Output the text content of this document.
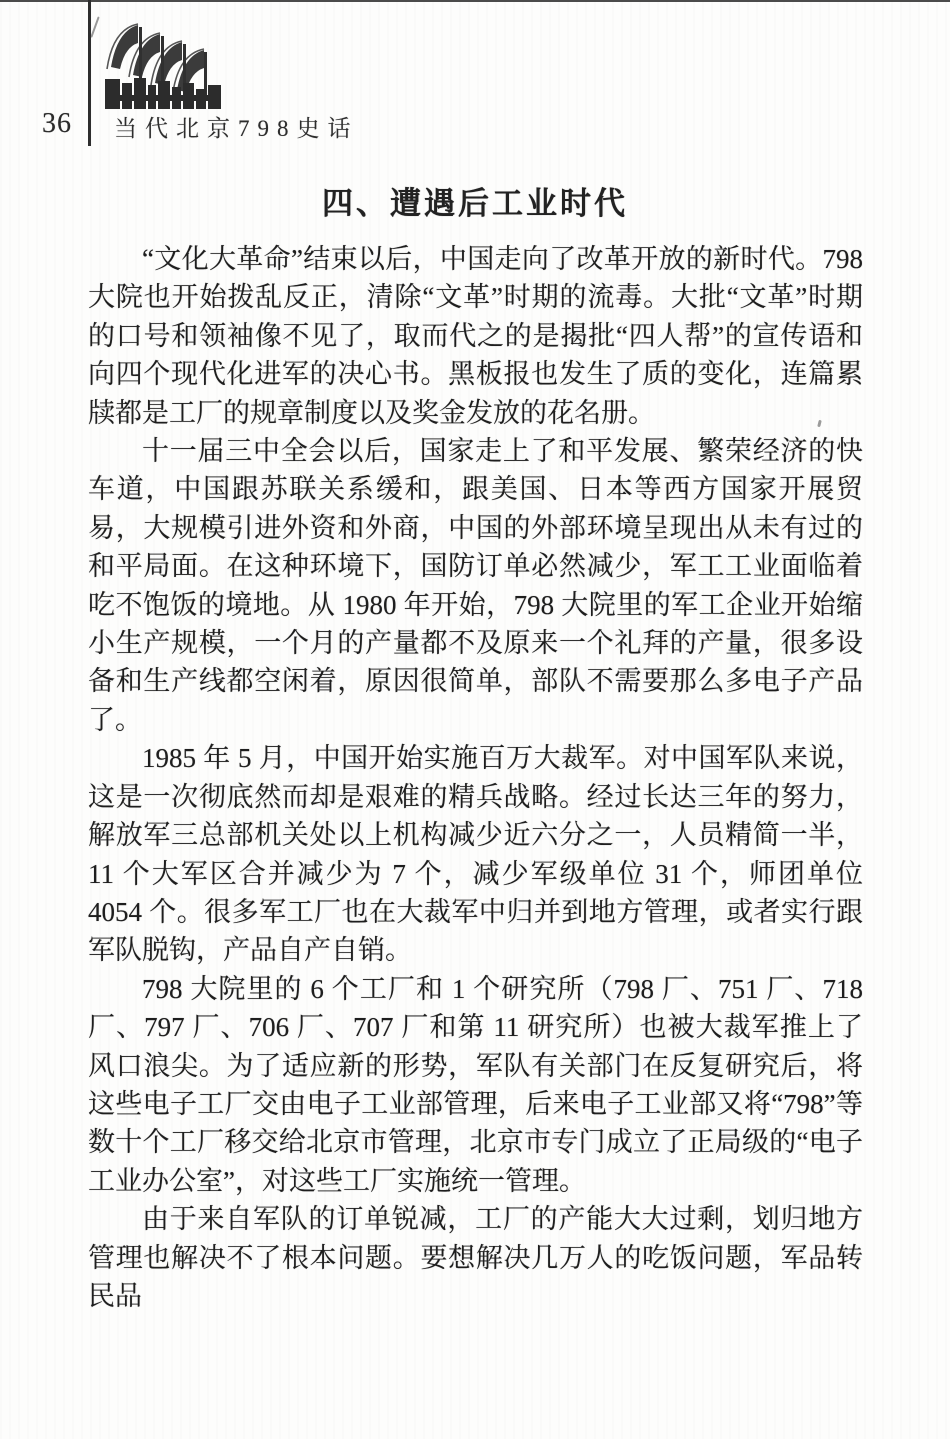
36	当代北京798史话
四、遭遇后工业时代

“文化大革命”结束以后，中国走向了改革开放的新时代。798 大院也开始拨乱反正，清除“文革”时期的流毒。大批“文革”时期的口号和领袖像不见了，取而代之的是揭批“四人帮”的宣传语和向四个现代化进军的决心书。黑板报也发生了质的变化，连篇累牍都是工厂的规章制度以及奖金发放的花名册。

十一届三中全会以后，国家走上了和平发展、繁荣经济的快车道，中国跟苏联关系缓和，跟美国、日本等西方国家开展贸易，大规模引进外资和外商，中国的外部环境呈现出从未有过的和平局面。在这种环境下，国防订单必然减少，军工工业面临着吃不饱饭的境地。从 1980 年开始，798 大院里的军工企业开始缩小生产规模，一个月的产量都不及原来一个礼拜的产量，很多设备和生产线都空闲着，原因很简单，部队不需要那么多电子产品了。

1985 年 5 月，中国开始实施百万大裁军。对中国军队来说，这是一次彻底然而却是艰难的精兵战略。经过长达三年的努力，解放军三总部机关处以上机构减少近六分之一，人员精简一半，11 个大军区合并减少为 7 个，减少军级单位 31 个，师团单位 4054 个。很多军工厂也在大裁军中归并到地方管理，或者实行跟军队脱钩，产品自产自销。

798 大院里的 6 个工厂和 1 个研究所（798 厂、751 厂、718 厂、797 厂、706 厂、707 厂和第 11 研究所）也被大裁军推上了风口浪尖。为了适应新的形势，军队有关部门在反复研究后，将这些电子工厂交由电子工业部管理，后来电子工业部又将“798”等数十个工厂移交给北京市管理，北京市专门成立了正局级的“电子工业办公室”，对这些工厂实施统一管理。

由于来自军队的订单锐减，工厂的产能大大过剩，划归地方管理也解决不了根本问题。要想解决几万人的吃饭问题，军品转民品
